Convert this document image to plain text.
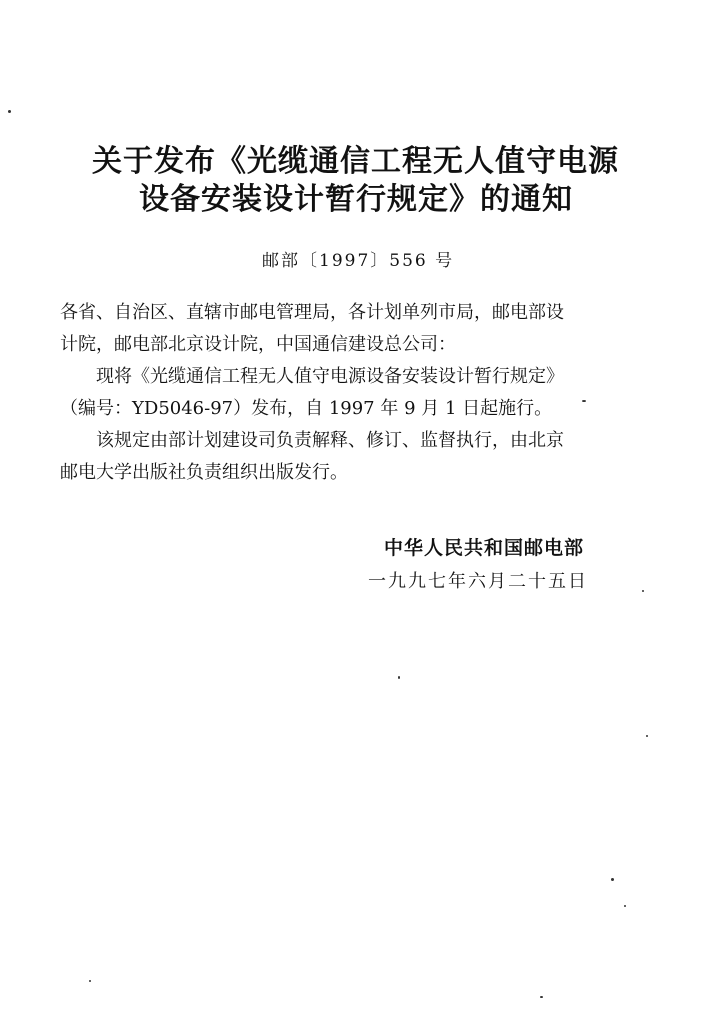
关于发布《光缆通信工程无人值守电源
设备安装设计暂行规定》的通知
邮部〔1997〕556 号
各省、自治区、直辖市邮电管理局，各计划单列市局，邮电部设
计院，邮电部北京设计院，中国通信建设总公司：
现将《光缆通信工程无人值守电源设备安装设计暂行规定》
（编号：YD5046-97）发布，自 1997 年 9 月 1 日起施行。
该规定由部计划建设司负责解释、修订、监督执行，由北京
邮电大学出版社负责组织出版发行。
中华人民共和国邮电部
一九九七年六月二十五日
